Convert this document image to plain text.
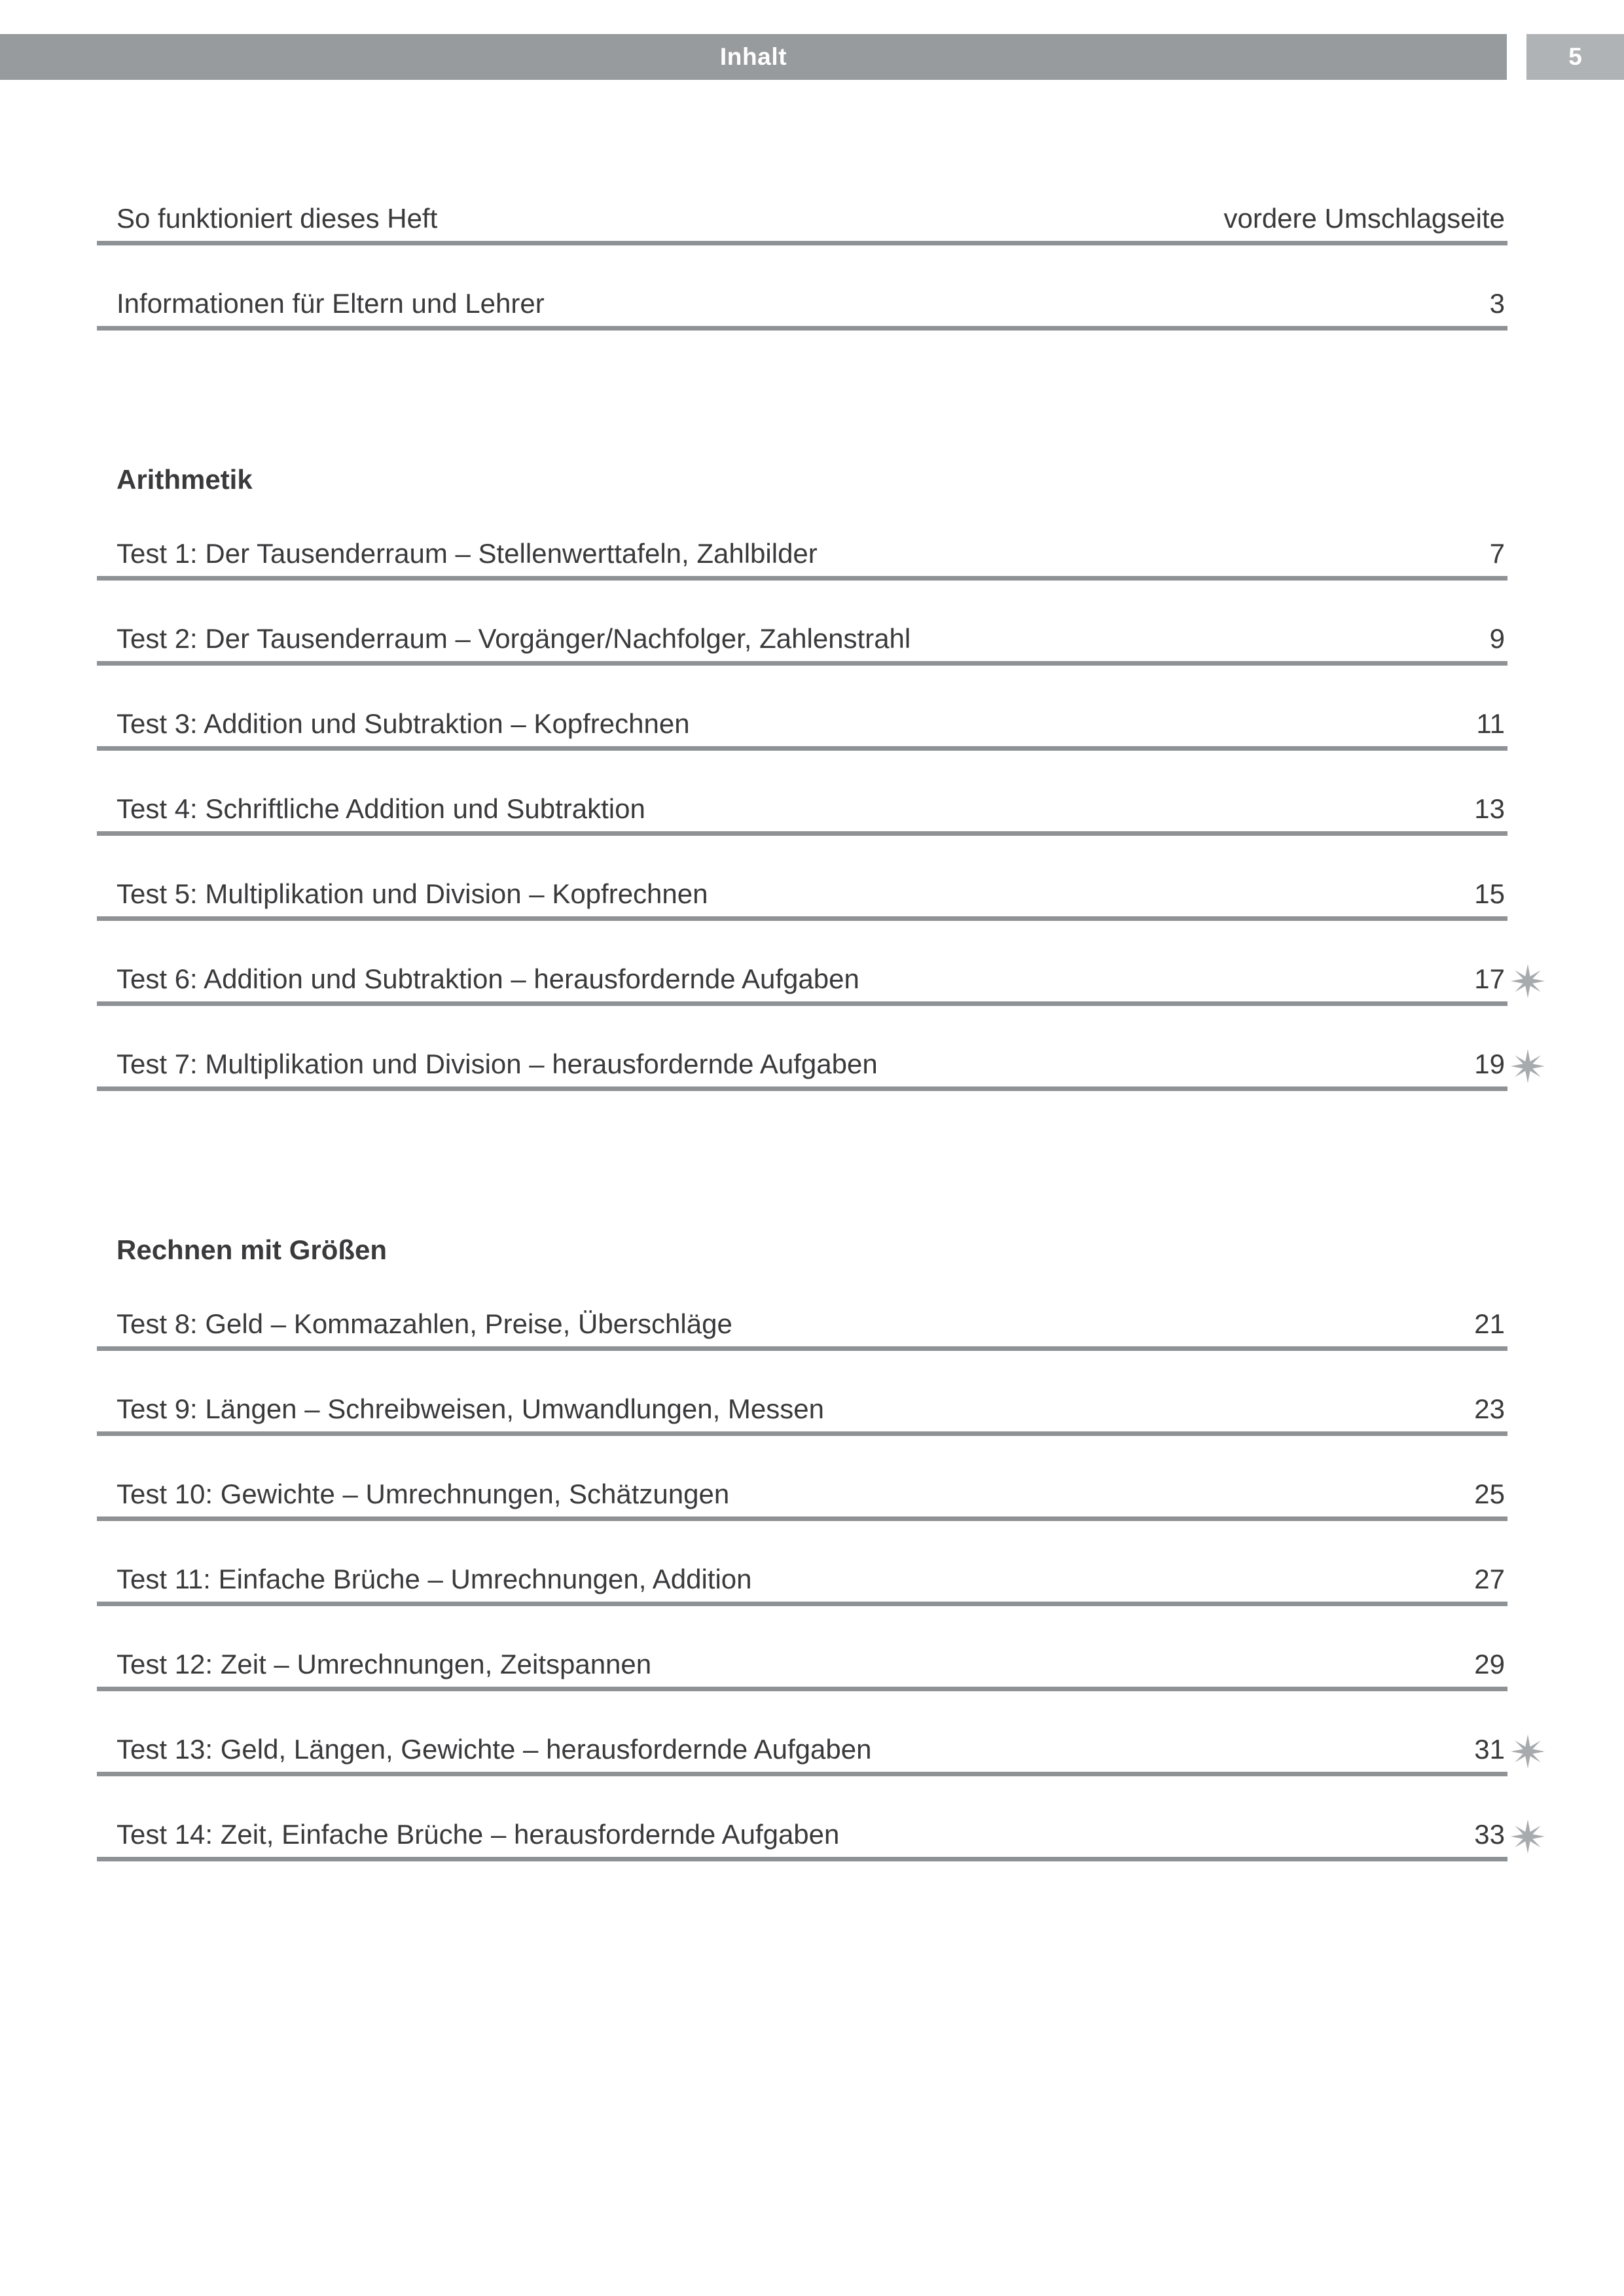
Inhalt	5
So funktioniert dieses Heft	vordere Umschlagseite
Informationen für Eltern und Lehrer	3
Arithmetik
Test 1: Der Tausenderraum – Stellenwerttafeln, Zahlbilder	7
Test 2: Der Tausenderraum – Vorgänger/Nachfolger, Zahlenstrahl	9
Test 3: Addition und Subtraktion – Kopfrechnen	11
Test 4: Schriftliche Addition und Subtraktion	13
Test 5: Multiplikation und Division – Kopfrechnen	15
Test 6: Addition und Subtraktion – herausfordernde Aufgaben	17
Test 7: Multiplikation und Division – herausfordernde Aufgaben	19
Rechnen mit Größen
Test 8: Geld – Kommazahlen, Preise, Überschläge	21
Test 9: Längen – Schreibweisen, Umwandlungen, Messen	23
Test 10: Gewichte – Umrechnungen, Schätzungen	25
Test 11: Einfache Brüche – Umrechnungen, Addition	27
Test 12: Zeit – Umrechnungen, Zeitspannen	29
Test 13: Geld, Längen, Gewichte – herausfordernde Aufgaben	31
Test 14: Zeit, Einfache Brüche – herausfordernde Aufgaben	33
